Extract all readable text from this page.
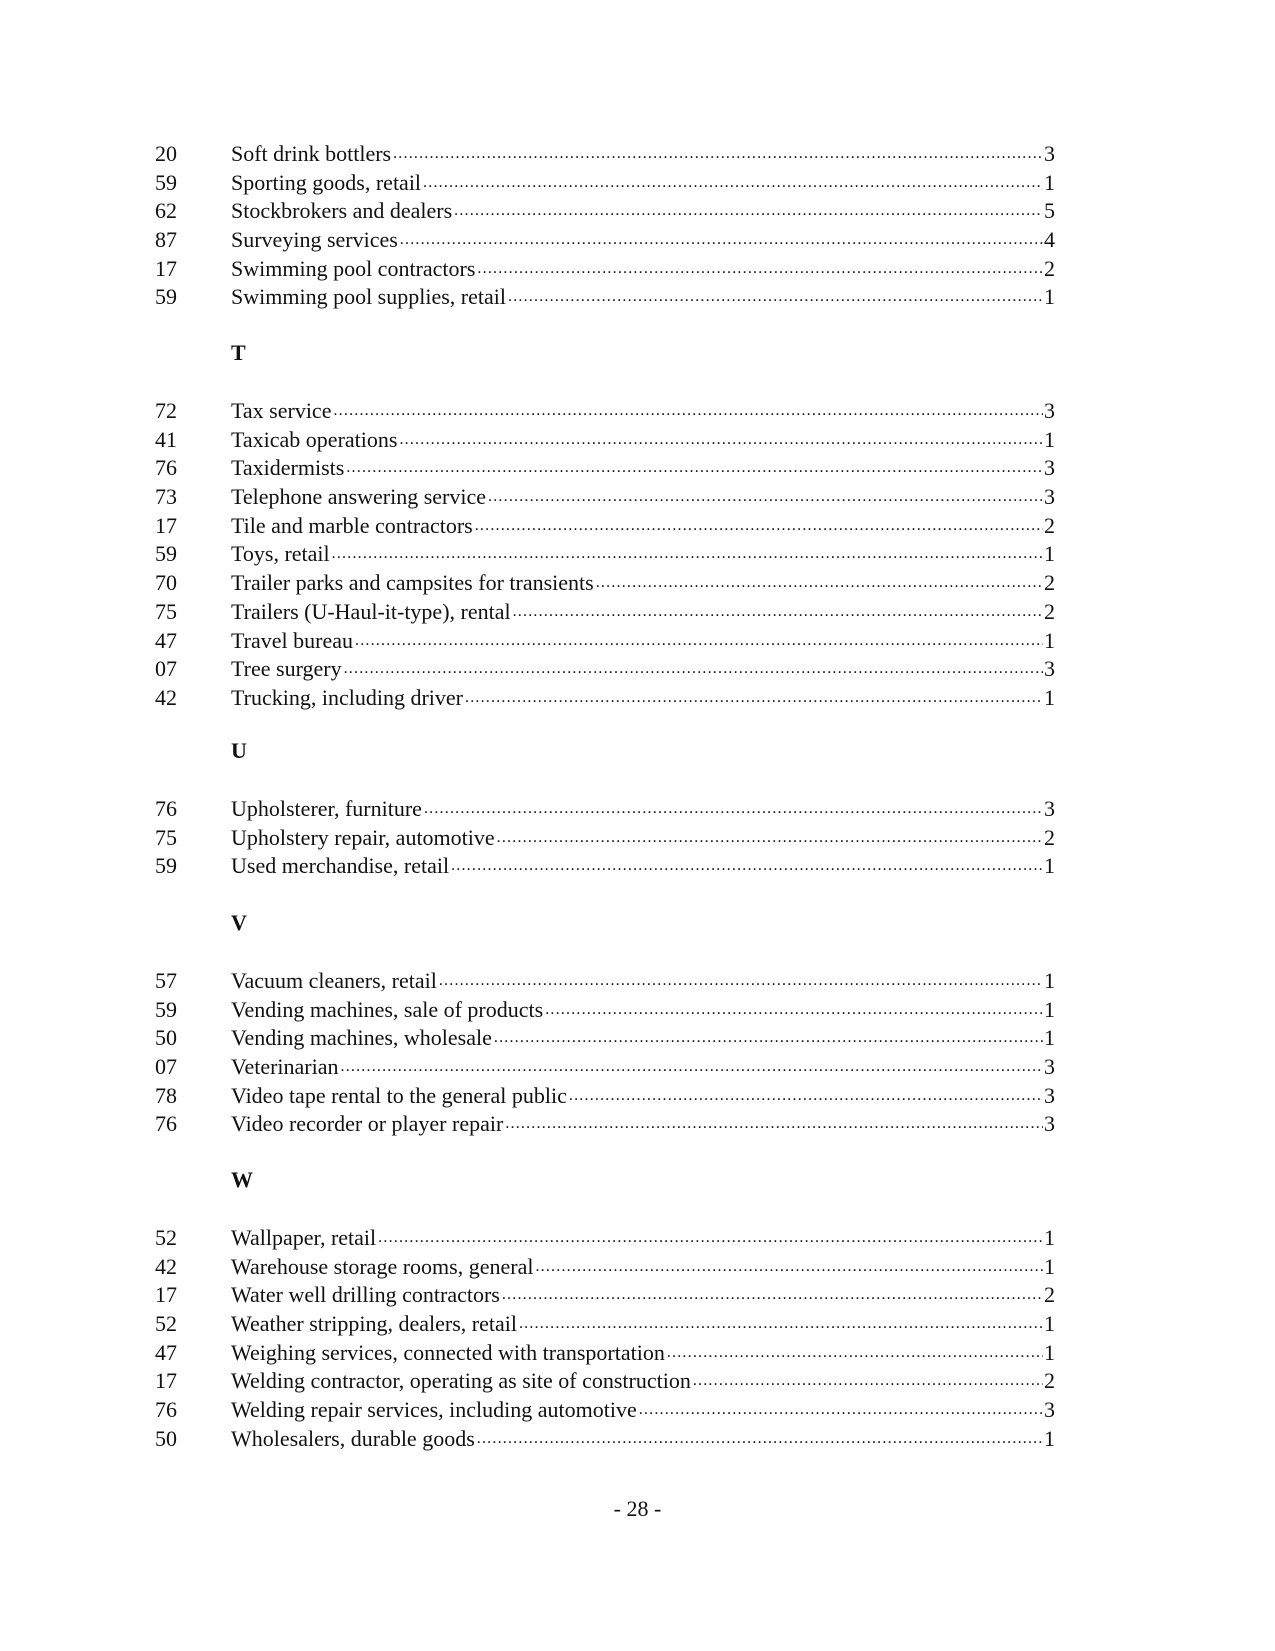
20	Soft drink bottlers .....	3
59	Sporting goods, retail .....	1
62	Stockbrokers and dealers .....	5
87	Surveying services .....	4
17	Swimming pool contractors .....	2
59	Swimming pool supplies, retail .....	1
T
72	Tax service .....	3
41	Taxicab operations .....	1
76	Taxidermists .....	3
73	Telephone answering service .....	3
17	Tile and marble contractors .....	2
59	Toys, retail .....	1
70	Trailer parks and campsites for transients .....	2
75	Trailers (U-Haul-it-type), rental .....	2
47	Travel bureau .....	1
07	Tree surgery .....	3
42	Trucking, including driver .....	1
U
76	Upholsterer, furniture .....	3
75	Upholstery repair, automotive .....	2
59	Used merchandise, retail .....	1
V
57	Vacuum cleaners, retail .....	1
59	Vending machines, sale of products .....	1
50	Vending machines, wholesale .....	1
07	Veterinarian .....	3
78	Video tape rental to the general public .....	3
76	Video recorder or player repair .....	3
W
52	Wallpaper, retail .....	1
42	Warehouse storage rooms, general .....	1
17	Water well drilling contractors .....	2
52	Weather stripping, dealers, retail .....	1
47	Weighing services, connected with transportation .....	1
17	Welding contractor, operating as site of construction .....	2
76	Welding repair services, including automotive .....	3
50	Wholesalers, durable goods .....	1
- 28 -
